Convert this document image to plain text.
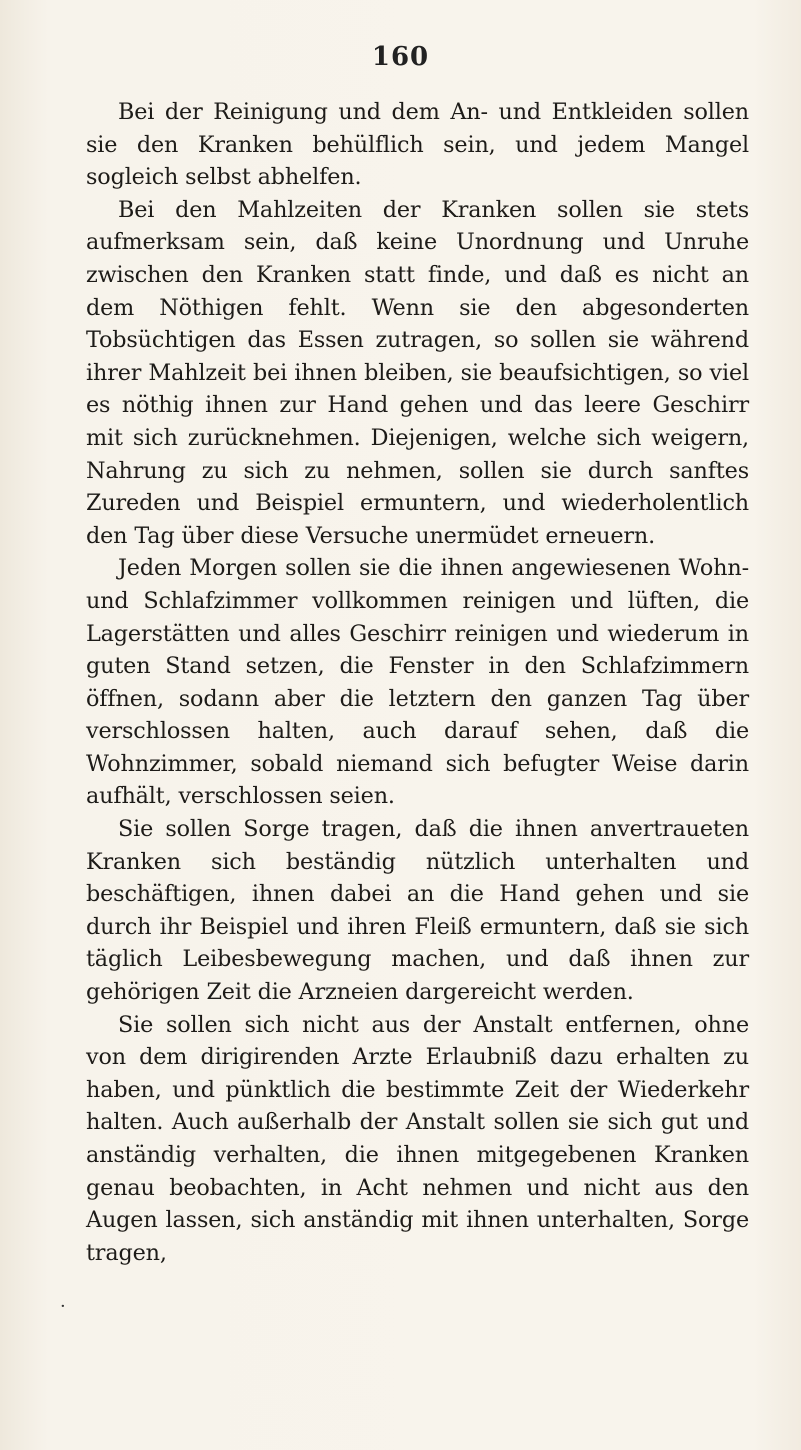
160

Bei der Reinigung und dem An- und Entkleiden sollen sie den Kranken behülflich sein, und jedem Mangel sogleich selbst abhelfen.

Bei den Mahlzeiten der Kranken sollen sie stets aufmerksam sein, daß keine Unordnung und Unruhe zwischen den Kranken statt finde, und daß es nicht an dem Nöthigen fehlt. Wenn sie den abgesonderten Tobsüchtigen das Essen zutragen, so sollen sie während ihrer Mahlzeit bei ihnen bleiben, sie beaufsichtigen, so viel es nöthig ihnen zur Hand gehen und das leere Geschirr mit sich zurücknehmen. Diejenigen, welche sich weigern, Nahrung zu sich zu nehmen, sollen sie durch sanftes Zureden und Beispiel ermuntern, und wiederholentlich den Tag über diese Versuche unermüdet erneuern.

Jeden Morgen sollen sie die ihnen angewiesenen Wohn- und Schlafzimmer vollkommen reinigen und lüften, die Lagerstätten und alles Geschirr reinigen und wiederum in guten Stand setzen, die Fenster in den Schlafzimmern öffnen, sodann aber die letztern den ganzen Tag über verschlossen halten, auch darauf sehen, daß die Wohnzimmer, sobald niemand sich befugter Weise darin aufhält, verschlossen seien.

Sie sollen Sorge tragen, daß die ihnen anvertraueten Kranken sich beständig nützlich unterhalten und beschäftigen, ihnen dabei an die Hand gehen und sie durch ihr Beispiel und ihren Fleiß ermuntern, daß sie sich täglich Leibesbewegung machen, und daß ihnen zur gehörigen Zeit die Arzneien dargereicht werden.

Sie sollen sich nicht aus der Anstalt entfernen, ohne von dem dirigirenden Arzte Erlaubniß dazu erhalten zu haben, und pünktlich die bestimmte Zeit der Wiederkehr halten. Auch außerhalb der Anstalt sollen sie sich gut und anständig verhalten, die ihnen mitgegebenen Kranken genau beobachten, in Acht nehmen und nicht aus den Augen lassen, sich anständig mit ihnen unterhalten, Sorge tragen,

·
